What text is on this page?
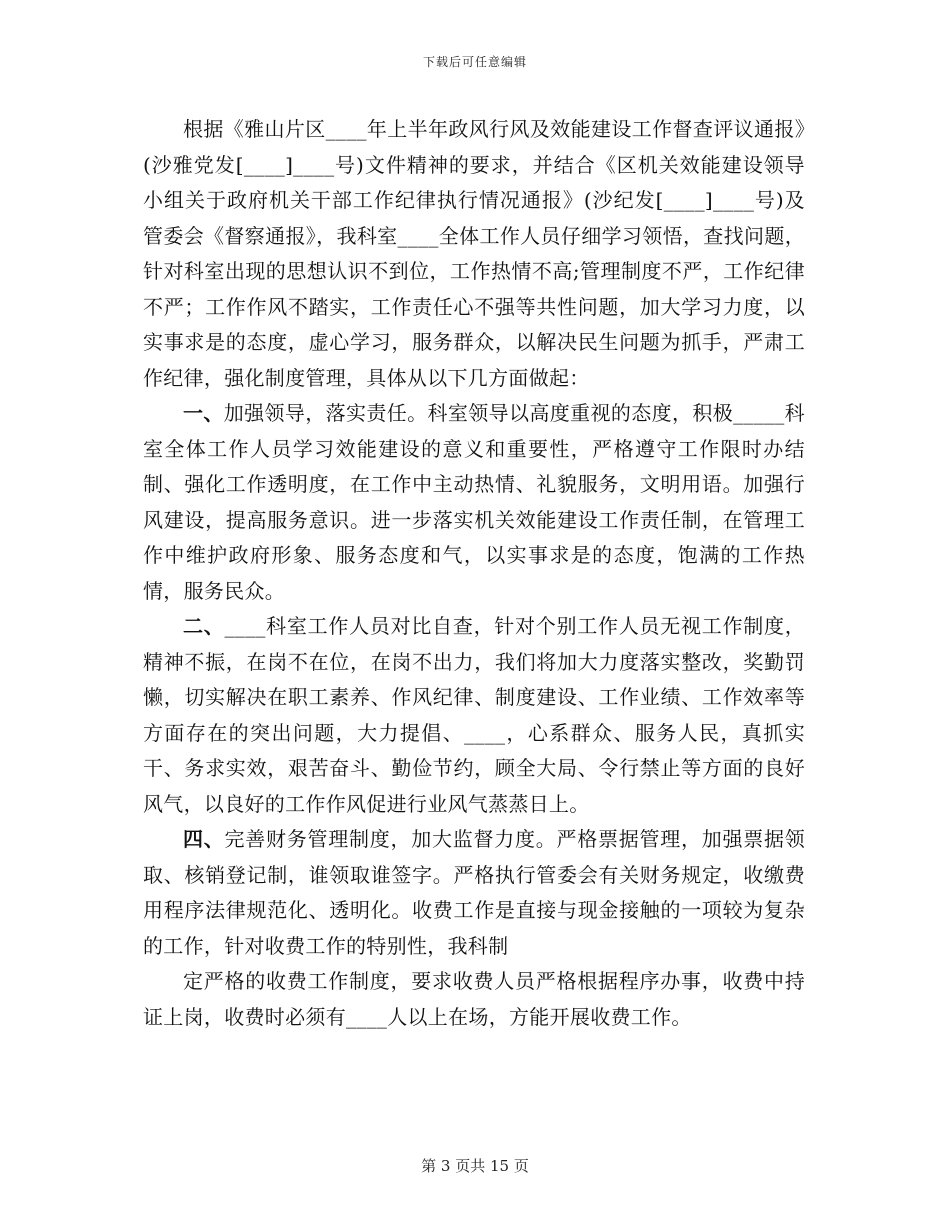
下载后可任意编辑

根据《雅山片区____年上半年政风行风及效能建设工作督查评议通报》(沙雅党发[____]____号)文件精神的要求，并结合《区机关效能建设领导小组关于政府机关干部工作纪律执行情况通报》(沙纪发[____]____号)及管委会《督察通报》，我科室____全体工作人员仔细学习领悟，查找问题，针对科室出现的思想认识不到位，工作热情不高;管理制度不严，工作纪律不严；工作作风不踏实，工作责任心不强等共性问题，加大学习力度，以实事求是的态度，虚心学习，服务群众，以解决民生问题为抓手，严肃工作纪律，强化制度管理，具体从以下几方面做起：

一、加强领导，落实责任。科室领导以高度重视的态度，积极_____科室全体工作人员学习效能建设的意义和重要性，严格遵守工作限时办结制、强化工作透明度，在工作中主动热情、礼貌服务，文明用语。加强行风建设，提高服务意识。进一步落实机关效能建设工作责任制，在管理工作中维护政府形象、服务态度和气，以实事求是的态度，饱满的工作热情，服务民众。

二、____科室工作人员对比自查，针对个别工作人员无视工作制度，精神不振，在岗不在位，在岗不出力，我们将加大力度落实整改，奖勤罚懒，切实解决在职工素养、作风纪律、制度建设、工作业绩、工作效率等方面存在的突出问题，大力提倡、____，心系群众、服务人民，真抓实干、务求实效，艰苦奋斗、勤俭节约，顾全大局、令行禁止等方面的良好风气，以良好的工作作风促进行业风气蒸蒸日上。

四、完善财务管理制度，加大监督力度。严格票据管理，加强票据领取、核销登记制，谁领取谁签字。严格执行管委会有关财务规定，收缴费用程序法律规范化、透明化。收费工作是直接与现金接触的一项较为复杂的工作，针对收费工作的特别性，我科制

定严格的收费工作制度，要求收费人员严格根据程序办事，收费中持证上岗，收费时必须有____人以上在场，方能开展收费工作。

第 3 页共 15 页
